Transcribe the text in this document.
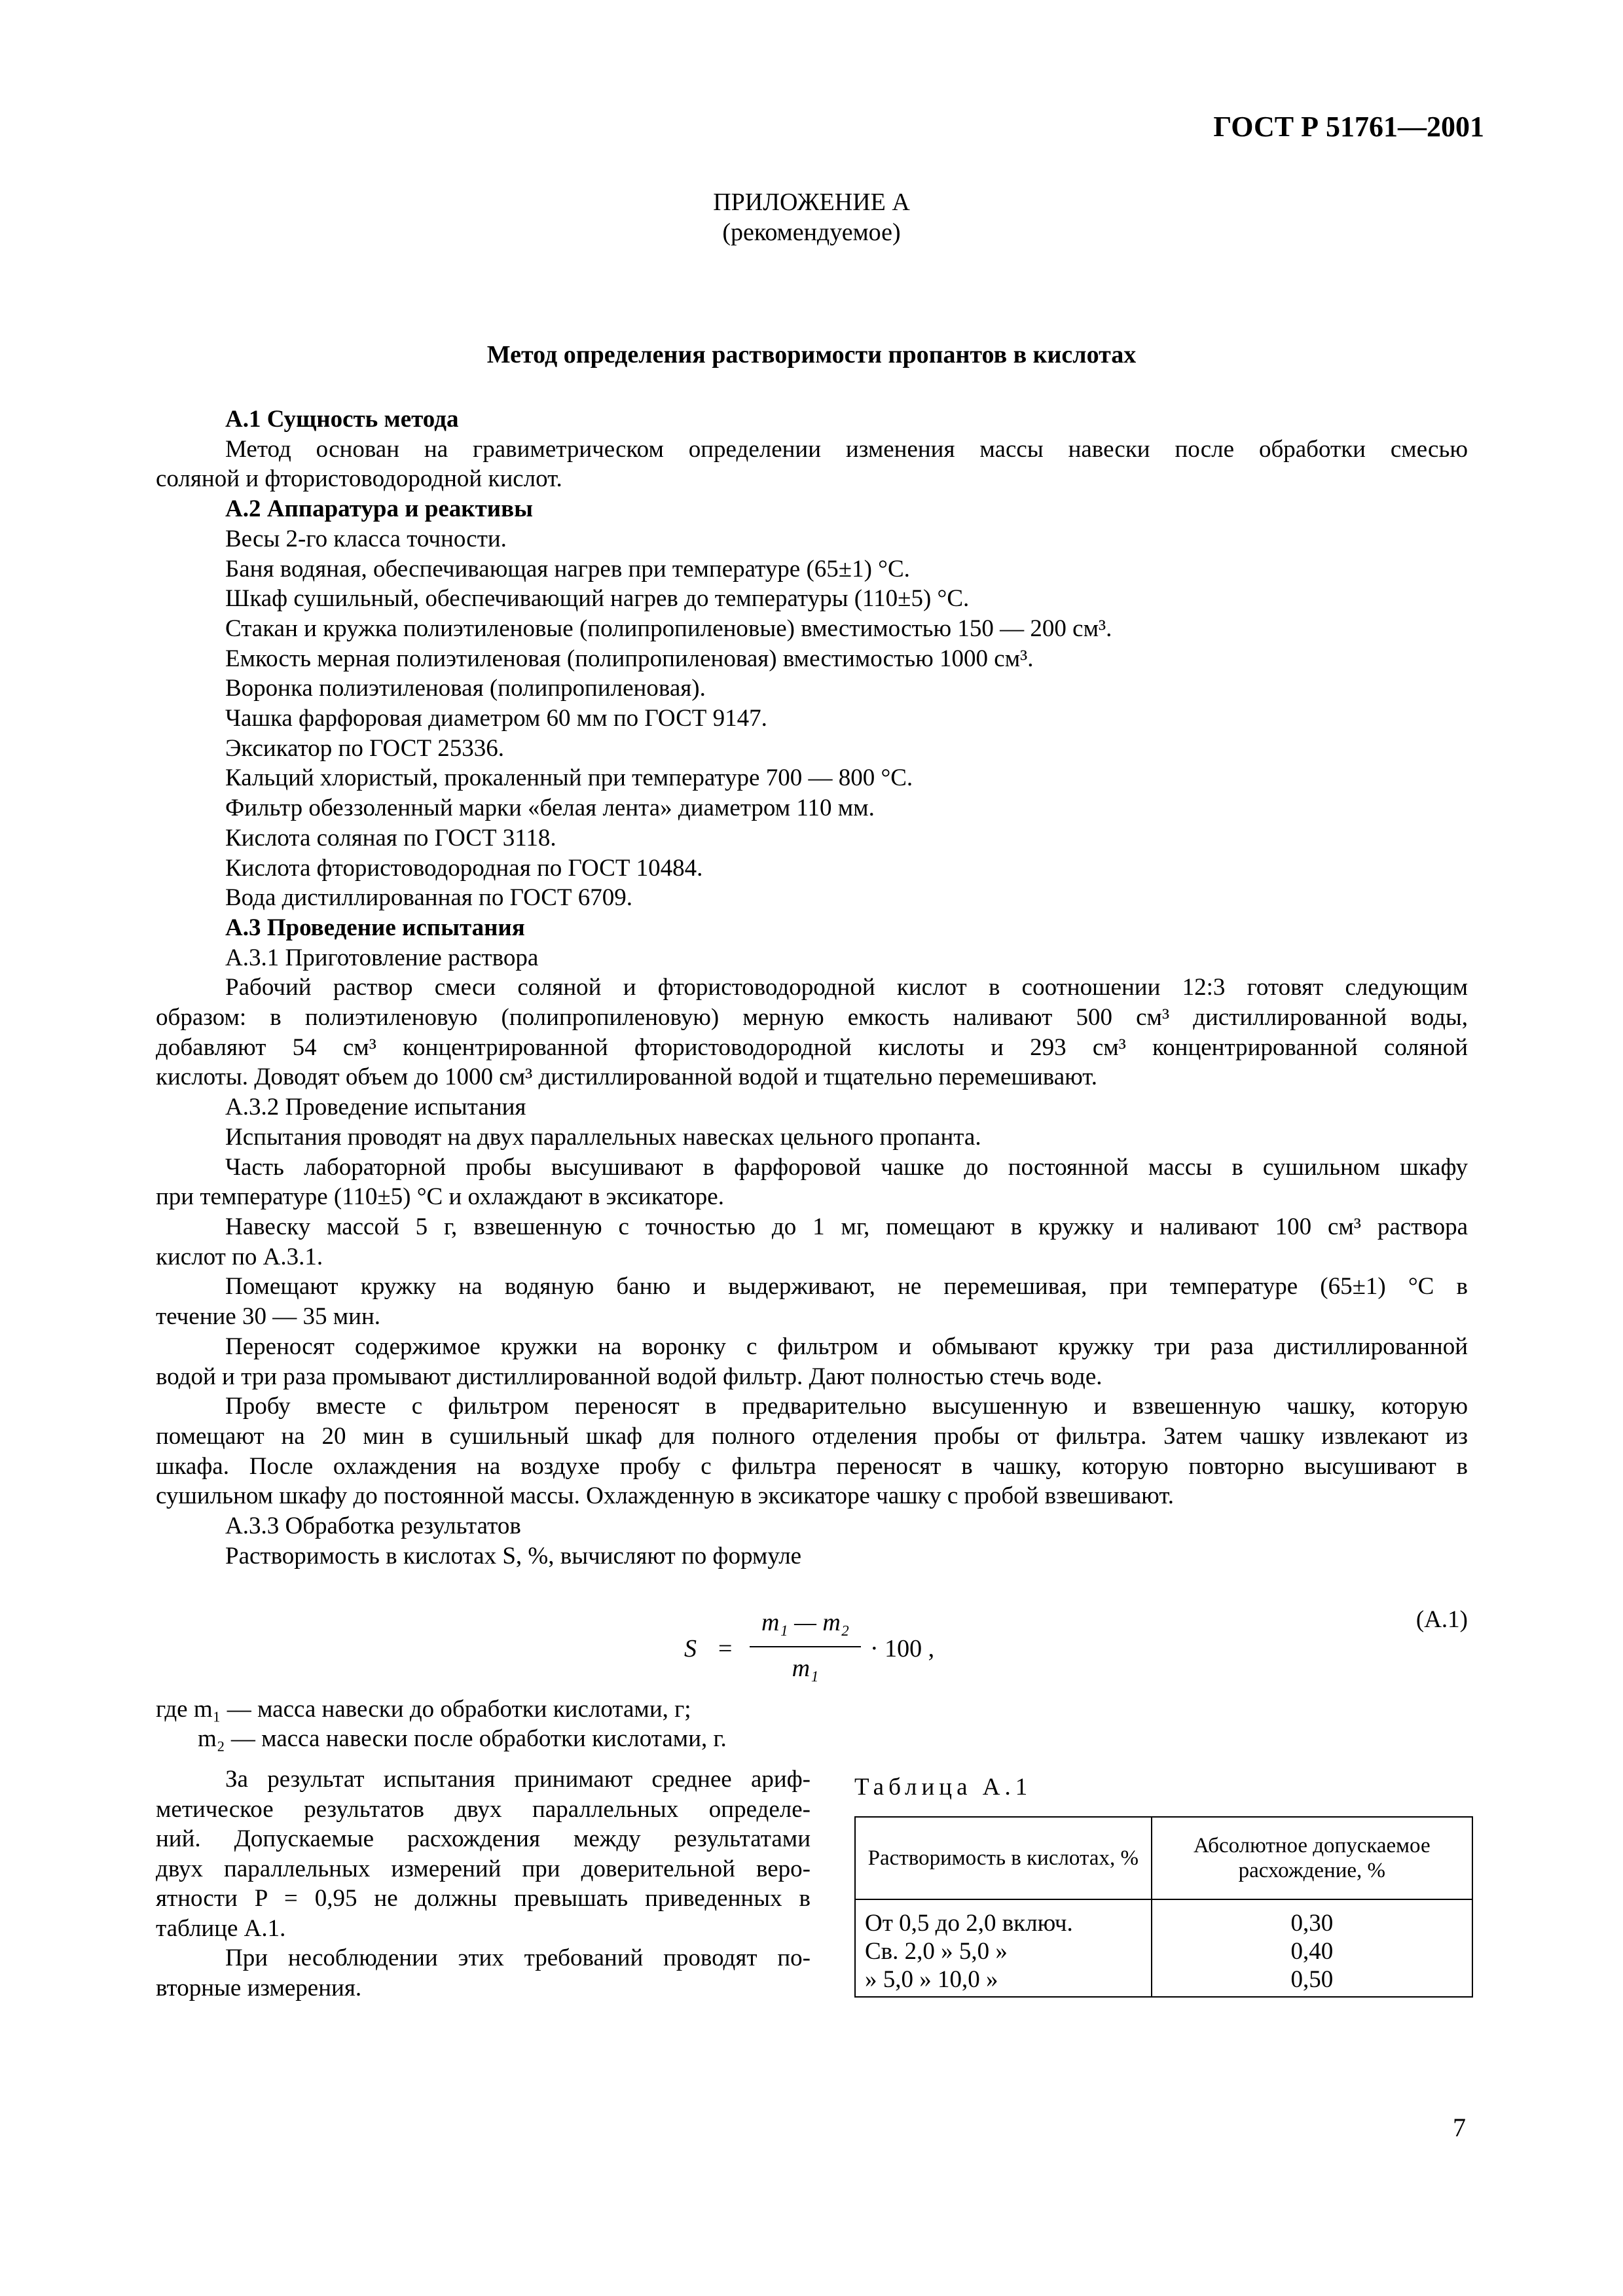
ГОСТ Р 51761—2001
ПРИЛОЖЕНИЕ А
(рекомендуемое)
Метод определения растворимости пропантов в кислотах

А.1 Сущность метода

Метод основан на гравиметрическом определении изменения массы навески после обработки смесью

соляной и фтористоводородной кислот.

А.2 Аппаратура и реактивы

Весы 2-го класса точности.

Баня водяная, обеспечивающая нагрев при температуре (65±1) °С.

Шкаф сушильный, обеспечивающий нагрев до температуры (110±5) °С.

Стакан и кружка полиэтиленовые (полипропиленовые) вместимостью 150 — 200 см³.

Емкость мерная полиэтиленовая (полипропиленовая) вместимостью 1000 см³.

Воронка полиэтиленовая (полипропиленовая).

Чашка фарфоровая диаметром 60 мм по ГОСТ 9147.

Эксикатор по ГОСТ 25336.

Кальций хлористый, прокаленный при температуре 700 — 800 °С.

Фильтр обеззоленный марки «белая лента» диаметром 110 мм.

Кислота соляная по ГОСТ 3118.

Кислота фтористоводородная по ГОСТ 10484.

Вода дистиллированная по ГОСТ 6709.

А.3 Проведение испытания

А.3.1 Приготовление раствора

Рабочий раствор смеси соляной и фтористоводородной кислот в соотношении 12:3 готовят следующим

образом: в полиэтиленовую (полипропиленовую) мерную емкость наливают 500 см³ дистиллированной воды,

добавляют 54 см³ концентрированной фтористоводородной кислоты и 293 см³ концентрированной соляной

кислоты. Доводят объем до 1000 см³ дистиллированной водой и тщательно перемешивают.

А.3.2 Проведение испытания

Испытания проводят на двух параллельных навесках цельного пропанта.

Часть лабораторной пробы высушивают в фарфоровой чашке до постоянной массы в сушильном шкафу

при температуре (110±5) °С и охлаждают в эксикаторе.

Навеску массой 5 г, взвешенную с точностью до 1 мг, помещают в кружку и наливают 100 см³ раствора

кислот по А.3.1.

Помещают кружку на водяную баню и выдерживают, не перемешивая, при температуре (65±1) °С в

течение 30 — 35 мин.

Переносят содержимое кружки на воронку с фильтром и обмывают кружку три раза дистиллированной

водой и три раза промывают дистиллированной водой фильтр. Дают полностью стечь воде.

Пробу вместе с фильтром переносят в предварительно высушенную и взвешенную чашку, которую

помещают на 20 мин в сушильный шкаф для полного отделения пробы от фильтра. Затем чашку извлекают из

шкафа. После охлаждения на воздухе пробу с фильтра переносят в чашку, которую повторно высушивают в

сушильном шкафу до постоянной массы. Охлажденную в эксикаторе чашку с пробой взвешивают.

А.3.3 Обработка результатов

Растворимость в кислотах S, %, вычисляют по формуле

S =
m₁ — m₂
m₁
· 100 ,
(А.1)
где m₁ — масса навески до обработки кислотами, г;
m₂ — масса навески после обработки кислотами, г.

За результат испытания принимают среднее ариф-

метическое результатов двух параллельных определе-

ний. Допускаемые расхождения между результатами

двух параллельных измерений при доверительной веро-

ятности P = 0,95 не должны превышать приведенных в

таблице А.1.

При несоблюдении этих требований проводят по-

вторные измерения.

Таблица А.1
Растворимость в кислотах, %	Абсолютное допускаемое расхождение, %
От 0,5 до 2,0 включ.	0,30
Св. 2,0 » 5,0 »	0,40
» 5,0 » 10,0 »	0,50
7
